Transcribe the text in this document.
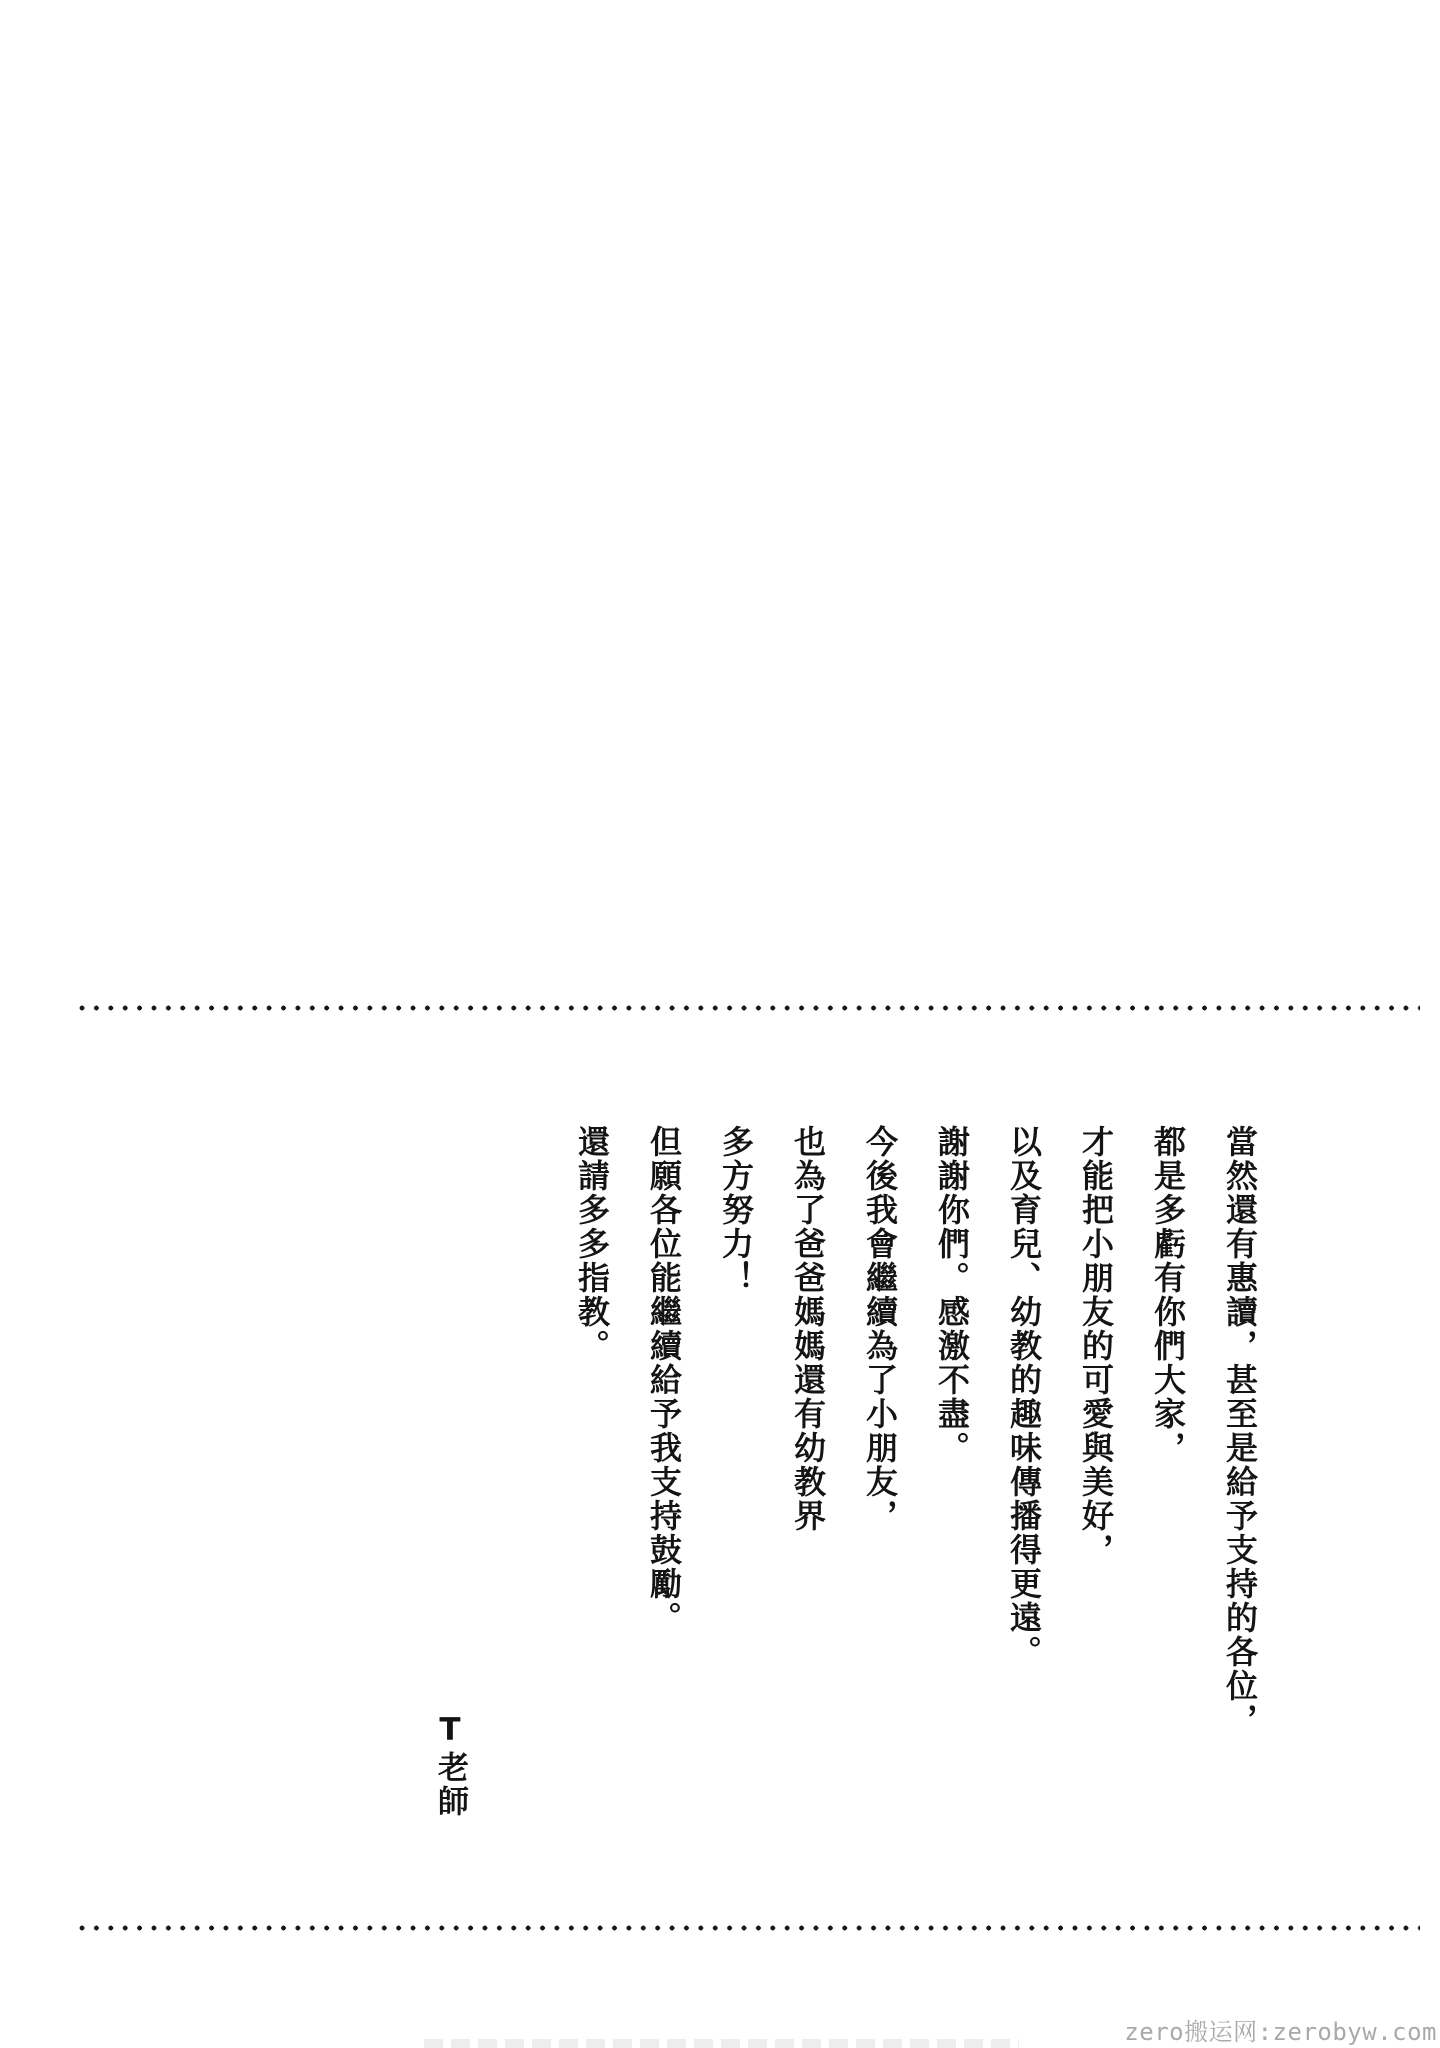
當然還有惠讀，甚至是給予支持的各位，

都是多虧有你們大家，

才能把小朋友的可愛與美好，

以及育兒、幼教的趣味傳播得更遠。

謝謝你們。感激不盡。

今後我會繼續為了小朋友，

也為了爸爸媽媽還有幼教界

多方努力！

但願各位能繼續給予我支持鼓勵。

還請多多指教。

T老師
zero搬运网:zerobyw.com
